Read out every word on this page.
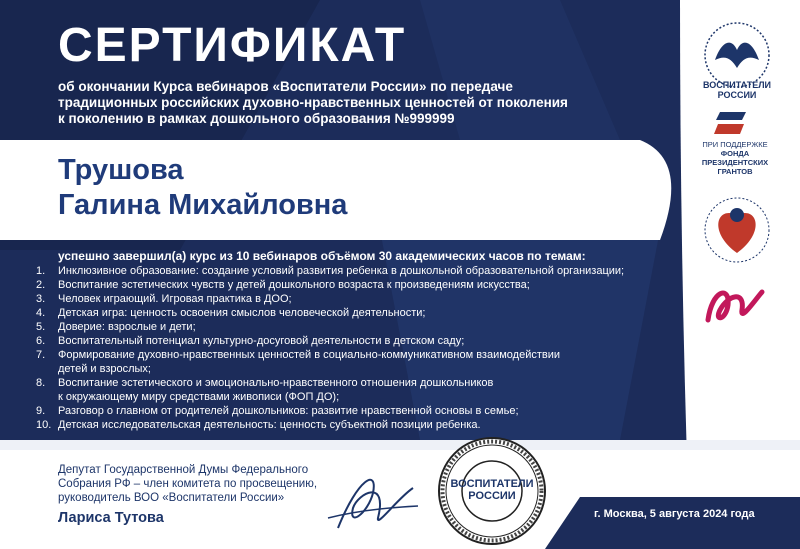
СЕРТИФИКАТ
об окончании Курса вебинаров «Воспитатели России» по передаче
традиционных российских духовно-нравственных ценностей от поколения
к поколению в рамках дошкольного образования №999999
Трушова
Галина Михайловна
успешно завершил(а) курс из 10 вебинаров объёмом 30 академических часов по темам:
1.	Инклюзивное образование: создание условий развития ребенка в дошкольной образовательной организации;
2.	Воспитание эстетических чувств у детей дошкольного возраста к произведениям искусства;
3.	Человек играющий. Игровая практика в ДОО;
4.	Детская игра: ценность освоения смыслов человеческой деятельности;
5.	Доверие: взрослые и дети;
6.	Воспитательный потенциал культурно-досуговой деятельности в детском саду;
7.	Формирование духовно-нравственных ценностей в социально-коммуникативном взаимодействии
детей и взрослых;
8.	Воспитание эстетического и эмоционально-нравственного отношения дошкольников
к окружающему миру средствами живописи (ФОП ДО);
9.	Разговор о главном от родителей дошкольников: развитие нравственной основы в семье;
10. Детская исследовательская деятельность: ценность субъектной позиции ребенка.
Депутат Государственной Думы Федерального
Собрания РФ – член комитета по просвещению,
руководитель ВОО «Воспитатели России»
Лариса Тутова
ВОСПИТАТЕЛИ
РОССИИ
г. Москва, 5 августа 2024 года
ВОСПИТАТЕЛИ РОССИИ
ПРИ ПОДДЕРЖКЕ
ФОНДА
ПРЕЗИДЕНТСКИХ
ГРАНТОВ
